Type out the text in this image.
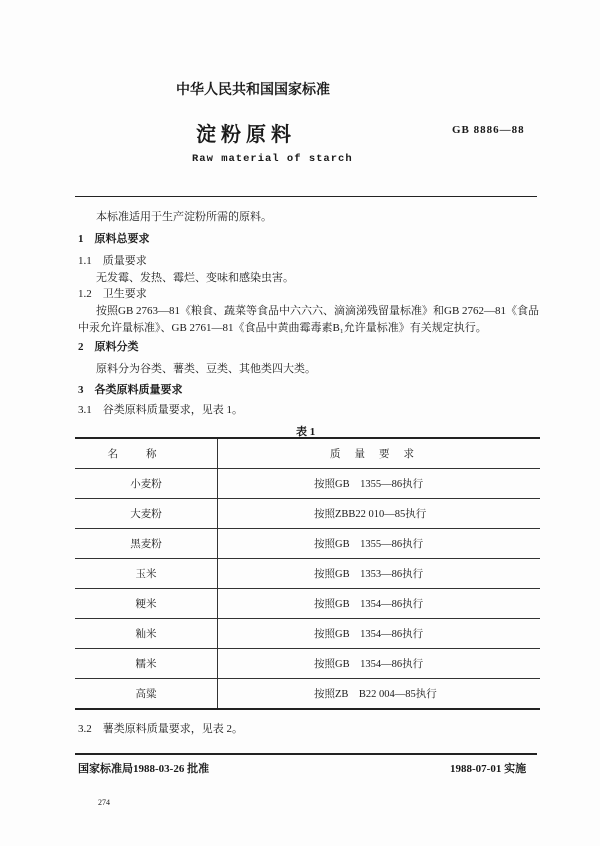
中华人民共和国国家标准
淀 粉 原 料	GB 8886—88
Raw material of starch
本标准适用于生产淀粉所需的原料。
1　原料总要求
1.1　质量要求
无发霉、发热、霉烂、变味和感染虫害。
1.2　卫生要求
按照GB 2763—81《粮食、蔬菜等食品中六六六、滴滴涕残留量标准》和GB 2762—81《食品
中汞允许量标准》、GB 2761—81《食品中黄曲霉毒素B₁允许量标准》有关规定执行。
2　原料分类
原料分为谷类、薯类、豆类、其他类四大类。
3　各类原料质量要求
3.1　谷类原料质量要求，见表 1。
表 1
名称	质量要求
小麦粉	按照GB　1355—86执行
大麦粉	按照ZBB22 010—85执行
黑麦粉	按照GB　1355—86执行
玉米	按照GB　1353—86执行
粳米	按照GB　1354—86执行
籼米	按照GB　1354—86执行
糯米	按照GB　1354—86执行
高粱	按照ZB　B22 004—85执行
3.2　薯类原料质量要求，见表 2。
国家标准局1988-03-26 批准	1988-07-01 实施
274
